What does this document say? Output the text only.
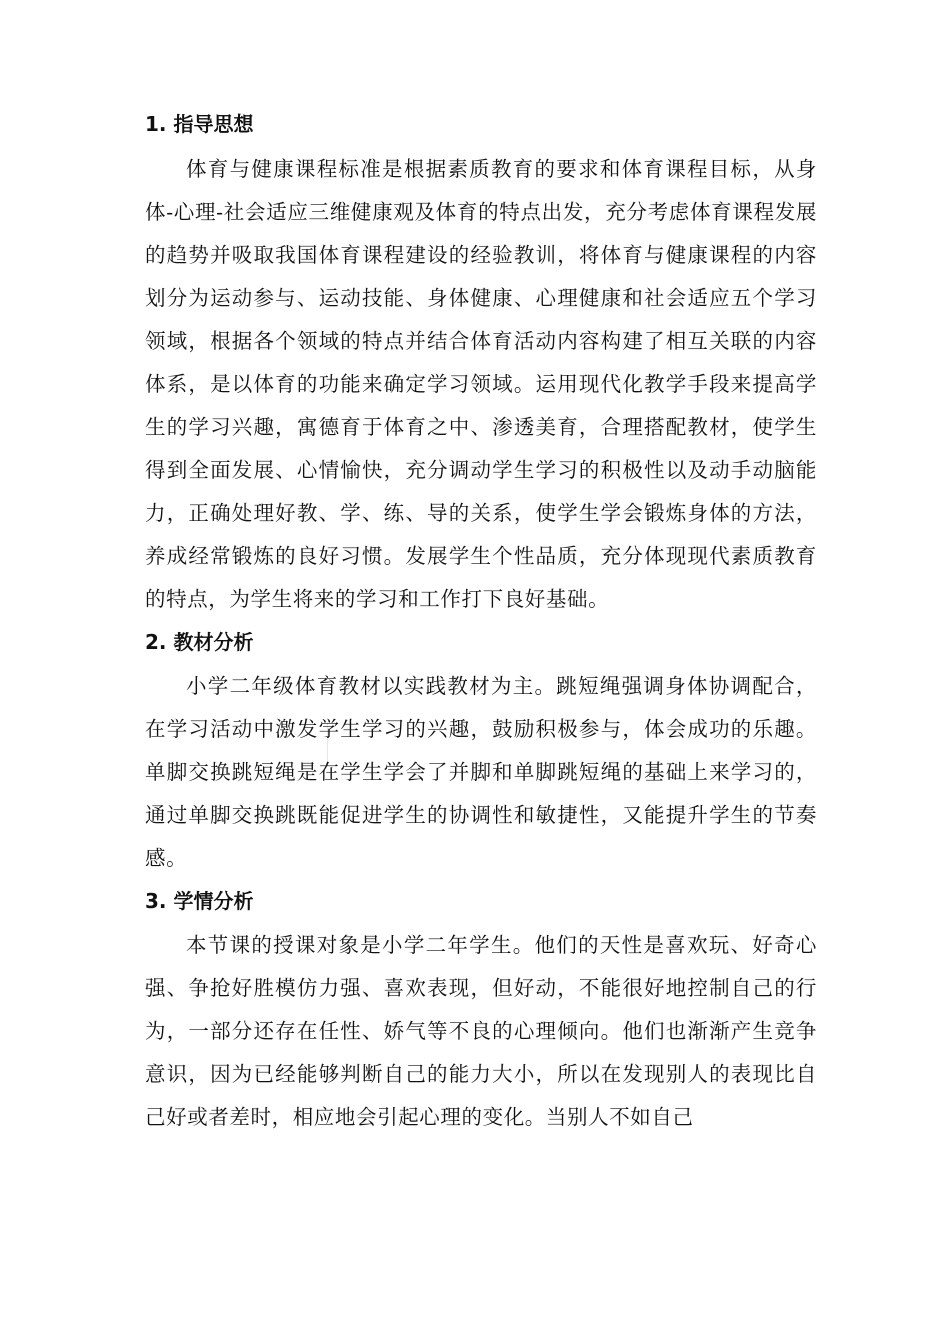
1. 指导思想

体育与健康课程标准是根据素质教育的要求和体育课程目标，从身体-心理-社会适应三维健康观及体育的特点出发，充分考虑体育课程发展的趋势并吸取我国体育课程建设的经验教训，将体育与健康课程的内容划分为运动参与、运动技能、身体健康、心理健康和社会适应五个学习领域，根据各个领域的特点并结合体育活动内容构建了相互关联的内容体系，是以体育的功能来确定学习领域。运用现代化教学手段来提高学生的学习兴趣，寓德育于体育之中、渗透美育，合理搭配教材，使学生得到全面发展、心情愉快，充分调动学生学习的积极性以及动手动脑能力，正确处理好教、学、练、导的关系，使学生学会锻炼身体的方法，养成经常锻炼的良好习惯。发展学生个性品质，充分体现现代素质教育的特点，为学生将来的学习和工作打下良好基础。

2. 教材分析

小学二年级体育教材以实践教材为主。跳短绳强调身体协调配合，在学习活动中激发学生学习的兴趣，鼓励积极参与，体会成功的乐趣。单脚交换跳短绳是在学生学会了并脚和单脚跳短绳的基础上来学习的，通过单脚交换跳既能促进学生的协调性和敏捷性，又能提升学生的节奏感。

3. 学情分析

本节课的授课对象是小学二年学生。他们的天性是喜欢玩、好奇心强、争抢好胜模仿力强、喜欢表现，但好动，不能很好地控制自己的行为，一部分还存在任性、娇气等不良的心理倾向。他们也渐渐产生竞争意识，因为已经能够判断自己的能力大小，所以在发现别人的表现比自己好或者差时，相应地会引起心理的变化。当别人不如自己
